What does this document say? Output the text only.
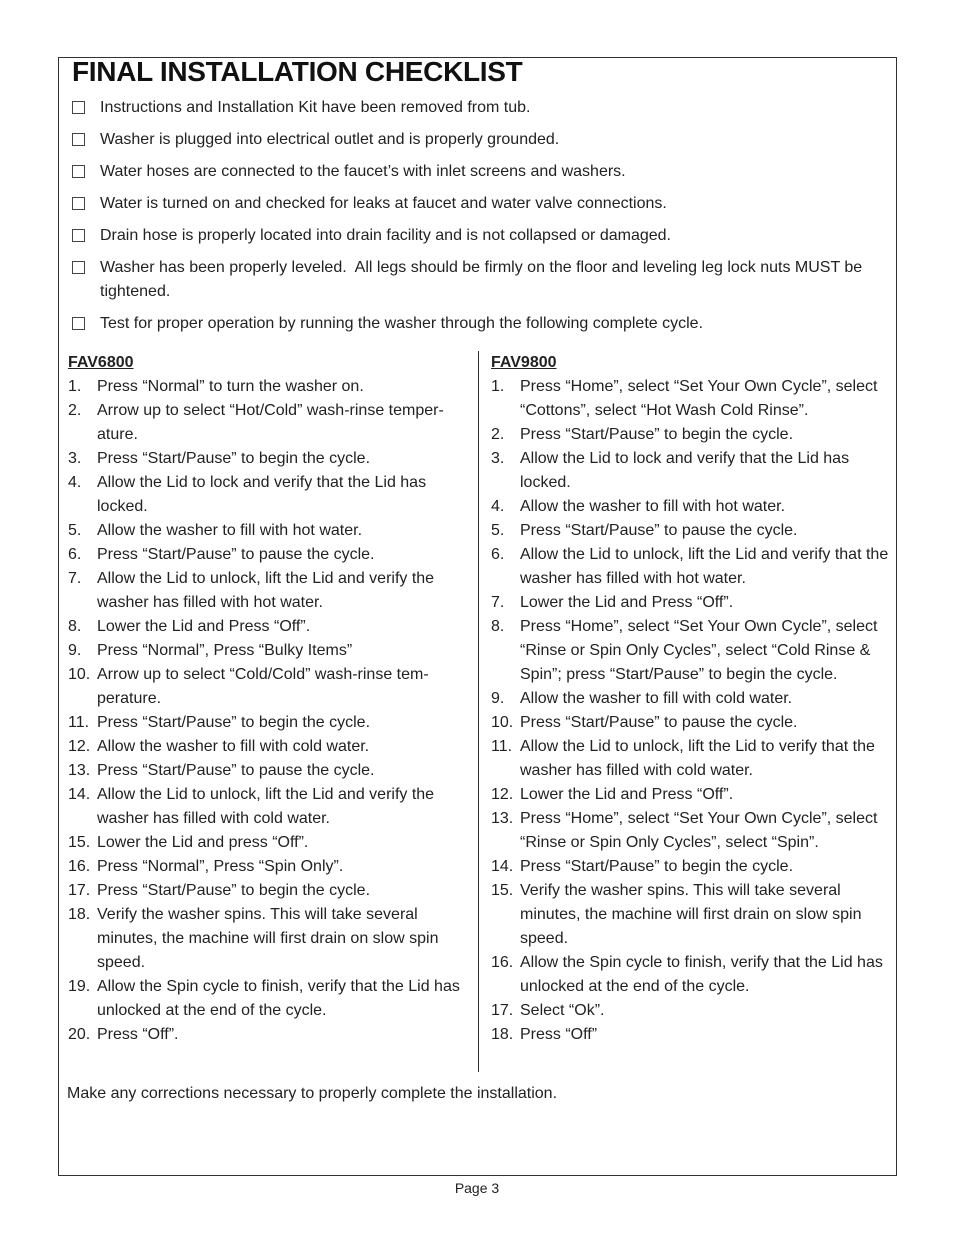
FINAL INSTALLATION CHECKLIST
Instructions and Installation Kit have been removed from tub.
Washer is plugged into electrical outlet and is properly grounded.
Water hoses are connected to the faucet’s with inlet screens and washers.
Water is turned on and checked for leaks at faucet and water valve connections.
Drain hose is properly located into drain facility and is not collapsed or damaged.
Washer has been properly leveled.  All legs should be firmly on the floor and leveling leg lock nuts MUST be tightened.
Test for proper operation by running the washer through the following complete cycle.
FAV6800
1. Press “Normal” to turn the washer on.
2. Arrow up to select “Hot/Cold” wash-rinse temper-ature.
3. Press “Start/Pause” to begin the cycle.
4. Allow the Lid to lock and verify that the Lid has locked.
5. Allow the washer to fill with hot water.
6. Press “Start/Pause” to pause the cycle.
7. Allow the Lid to unlock, lift the Lid and verify the washer has filled with hot water.
8. Lower the Lid and Press “Off”.
9. Press “Normal”, Press “Bulky Items”
10. Arrow up to select “Cold/Cold” wash-rinse tem-perature.
11. Press “Start/Pause” to begin the cycle.
12. Allow the washer to fill with cold water.
13. Press “Start/Pause” to pause the cycle.
14. Allow the Lid to unlock, lift the Lid and verify the washer has filled with cold water.
15. Lower the Lid and press “Off”.
16. Press “Normal”, Press “Spin Only”.
17. Press “Start/Pause” to begin the cycle.
18. Verify the washer spins. This will take several minutes, the machine will first drain on slow spin speed.
19. Allow the Spin cycle to finish, verify that the Lid has unlocked at the end of the cycle.
20. Press “Off”.
FAV9800
1. Press “Home”, select “Set Your Own Cycle”, select “Cottons”, select “Hot Wash Cold Rinse”.
2. Press “Start/Pause” to begin the cycle.
3. Allow the Lid to lock and verify that the Lid has locked.
4. Allow the washer to fill with hot water.
5. Press “Start/Pause” to pause the cycle.
6. Allow the Lid to unlock, lift the Lid and verify that the washer has filled with hot water.
7. Lower the Lid and Press “Off”.
8. Press “Home”, select “Set Your Own Cycle”, select “Rinse or Spin Only Cycles”, select “Cold Rinse & Spin”; press “Start/Pause” to begin the cycle.
9. Allow the washer to fill with cold water.
10. Press “Start/Pause” to pause the cycle.
11. Allow the Lid to unlock, lift the Lid to verify that the washer has filled with cold water.
12. Lower the Lid and Press “Off”.
13. Press “Home”, select “Set Your Own Cycle”, select “Rinse or Spin Only Cycles”, select “Spin”.
14. Press “Start/Pause” to begin the cycle.
15. Verify the washer spins. This will take several minutes, the machine will first drain on slow spin speed.
16. Allow the Spin cycle to finish, verify that the Lid has unlocked at the end of the cycle.
17. Select “Ok”.
18. Press “Off”
Make any corrections necessary to properly complete the installation.
Page 3
